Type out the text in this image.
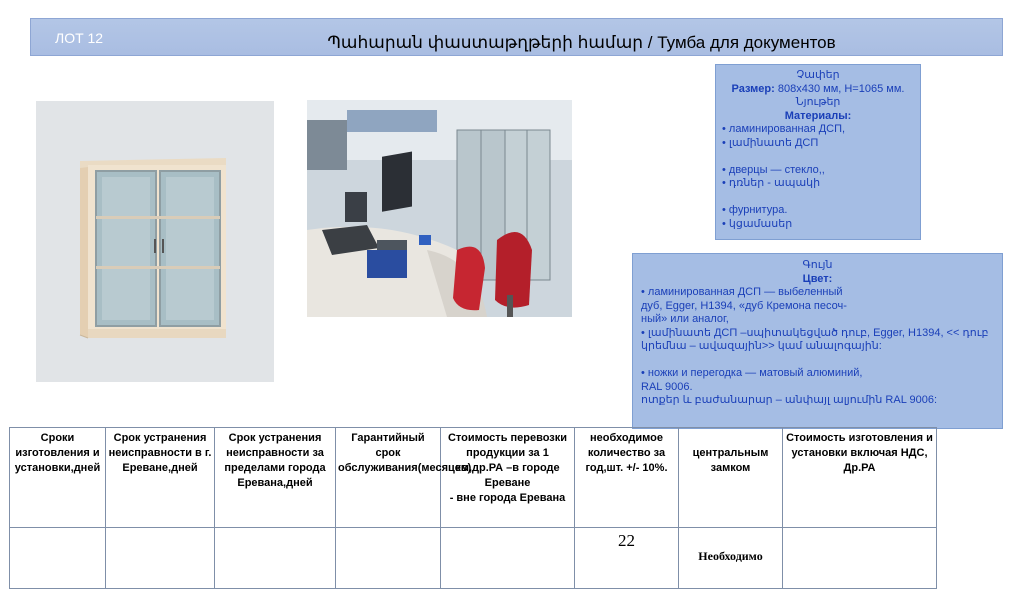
ЛОТ 12	Պահարան փաստաթղթերի համար / Тумба для документов
Չափեր
Размер: 808x430 мм, H=1065 мм.
Նյութեր
Материалы:
• ламинированная ДСП,
• լամինատե ДСП
• дверцы — стекло,,
• դռներ - ապակի
• фурнитура.
• կցամասեր
Գույն
Цвет:
• ламинированная ДСП — выбеленный
дуб, Egger, H1394, «дуб Кремона песоч-
ный» или аналог,
• լամինատե ДСП –սպիտակեցված դուբ, Egger, H1394, << դուբ
կրեմնա – ավազային>> կամ անալոգային:
• ножки и перегодка — матовый алюминий,
RAL 9006.
ոտքեր և բաժանարար – անփայլ ալյումին RAL 9006:
Сроки изготовления и установки,дней	Срок устранения неисправности в г. Ереване,дней	Срок устранения неисправности за пределами города Еревана,дней	Гарантийный срок обслуживания(месяцев)	Стоимость перевозки продукции за 1 км,др.РА –в городе Ереване
- вне города Еревана	необходимое количество за год,шт. +/- 10%.	центральным замком	Стоимость изготовления и установки включая НДС, Др.РА

					22	Необходимо	
